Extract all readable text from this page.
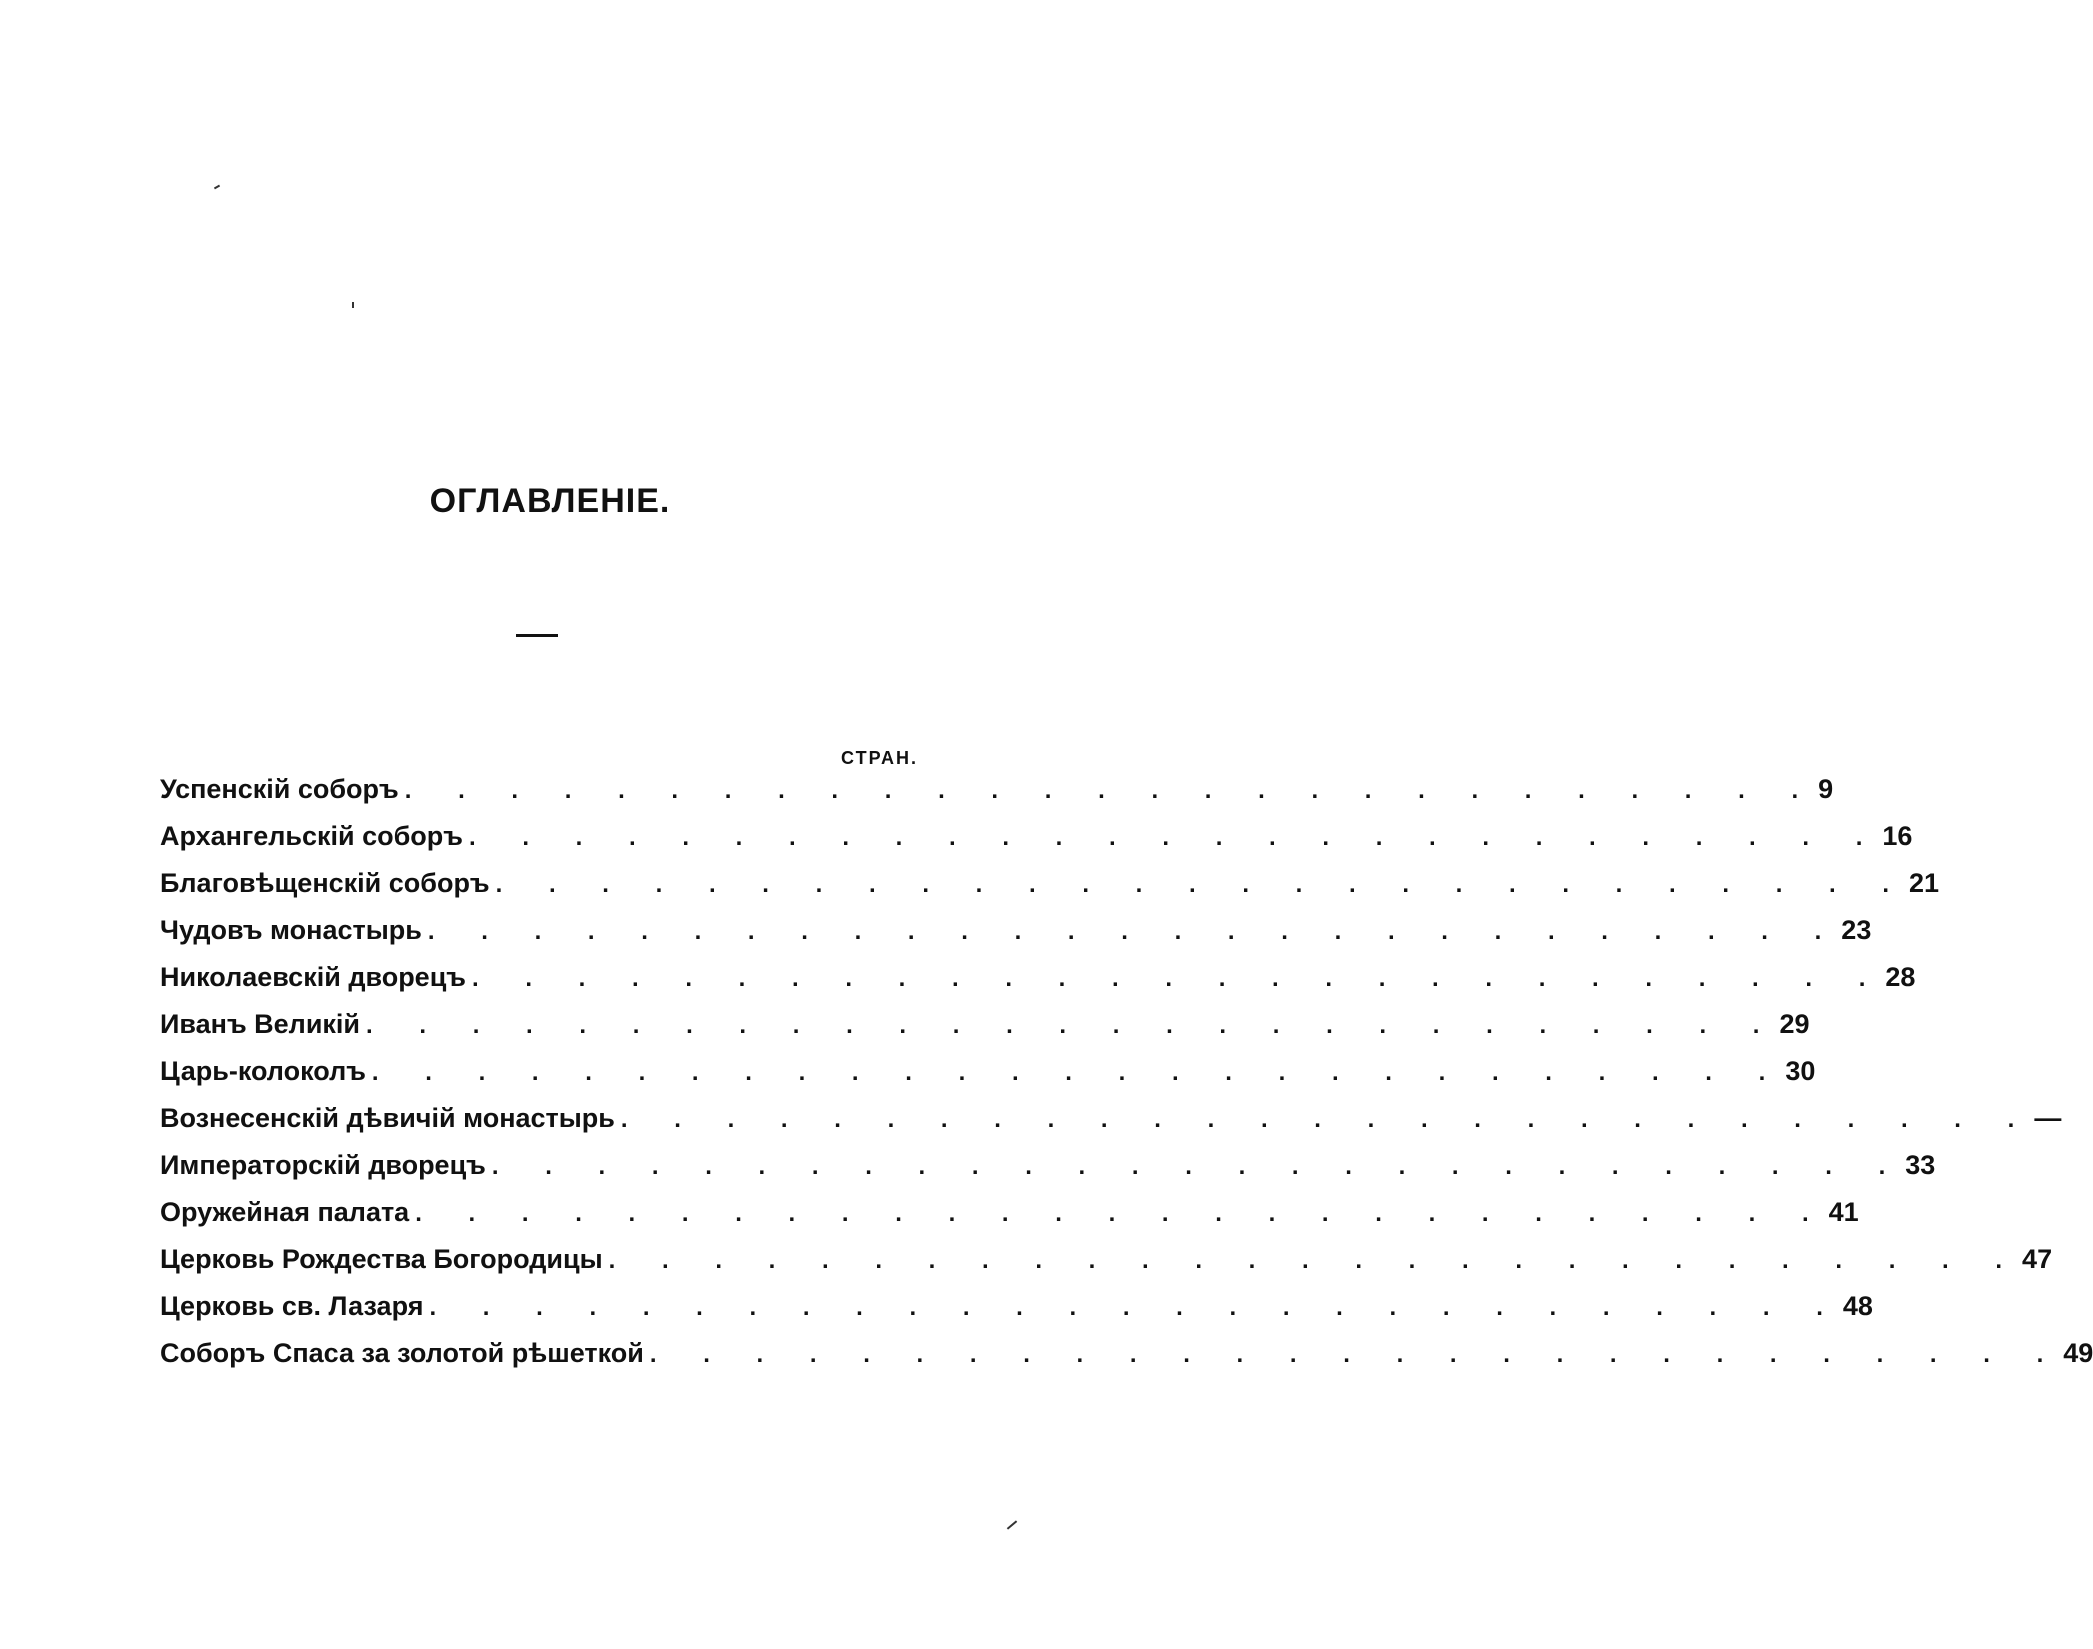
ОГЛАВЛЕНІЕ.
СТРАН.
Успенскій соборъ . . . . . . . . . . . . . . . . . . . . . . . . . . . 9
Архангельскій соборъ . . . . . . . . . . . . . . . . . . . . . . . . . . . 16
Благовѣщенскій соборъ . . . . . . . . . . . . . . . . . . . . . . . . . . . 21
Чудовъ монастырь . . . . . . . . . . . . . . . . . . . . . . . . . . . 23
Николаевскій дворецъ . . . . . . . . . . . . . . . . . . . . . . . . . . . 28
Иванъ Великій . . . . . . . . . . . . . . . . . . . . . . . . . . . 29
Царь-колоколъ . . . . . . . . . . . . . . . . . . . . . . . . . . . 30
Вознесенскій дѣвичій монастырь . . . . . . . . . . . . . . . . . . . . . . . . . . . —
Императорскій дворецъ . . . . . . . . . . . . . . . . . . . . . . . . . . . 33
Оружейная палата . . . . . . . . . . . . . . . . . . . . . . . . . . . 41
Церковь Рождества Богородицы . . . . . . . . . . . . . . . . . . . . . . . . . . . 47
Церковь св. Лазаря . . . . . . . . . . . . . . . . . . . . . . . . . . . 48
Соборъ Спаса за золотой рѣшеткой . . . . . . . . . . . . . . . . . . . . . . . . . . . 49
